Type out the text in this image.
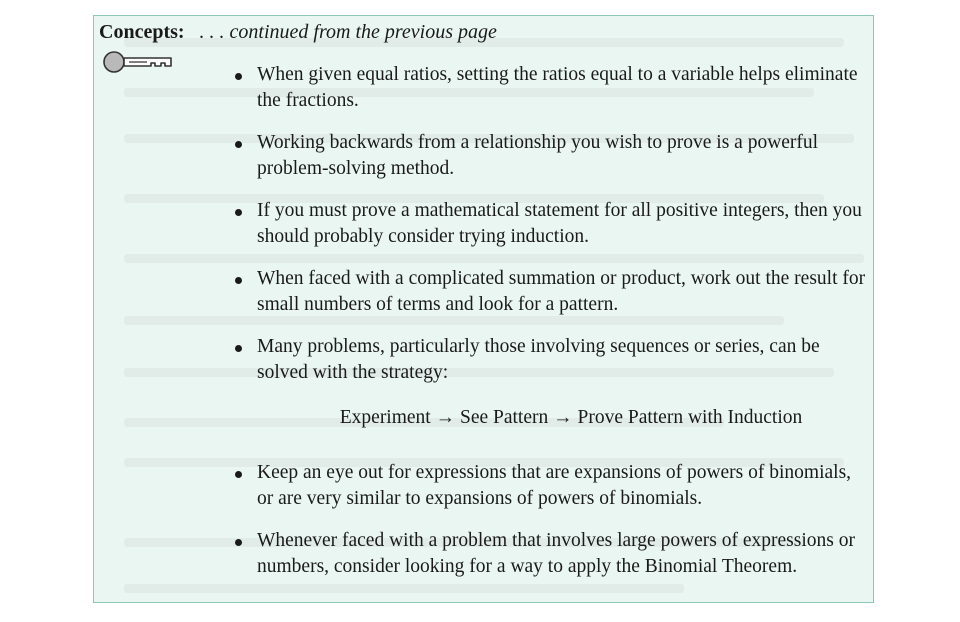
Concepts: . . . continued from the previous page
When given equal ratios, setting the ratios equal to a variable helps eliminate the fractions.
Working backwards from a relationship you wish to prove is a powerful problem-solving method.
If you must prove a mathematical statement for all positive integers, then you should probably consider trying induction.
When faced with a complicated summation or product, work out the result for small numbers of terms and look for a pattern.
Many problems, particularly those involving sequences or series, can be solved with the strategy:
Keep an eye out for expressions that are expansions of powers of binomials, or are very similar to expansions of powers of binomials.
Whenever faced with a problem that involves large powers of expressions or numbers, consider looking for a way to apply the Binomial Theorem.
Experiment → See Pattern → Prove Pattern with Induction
